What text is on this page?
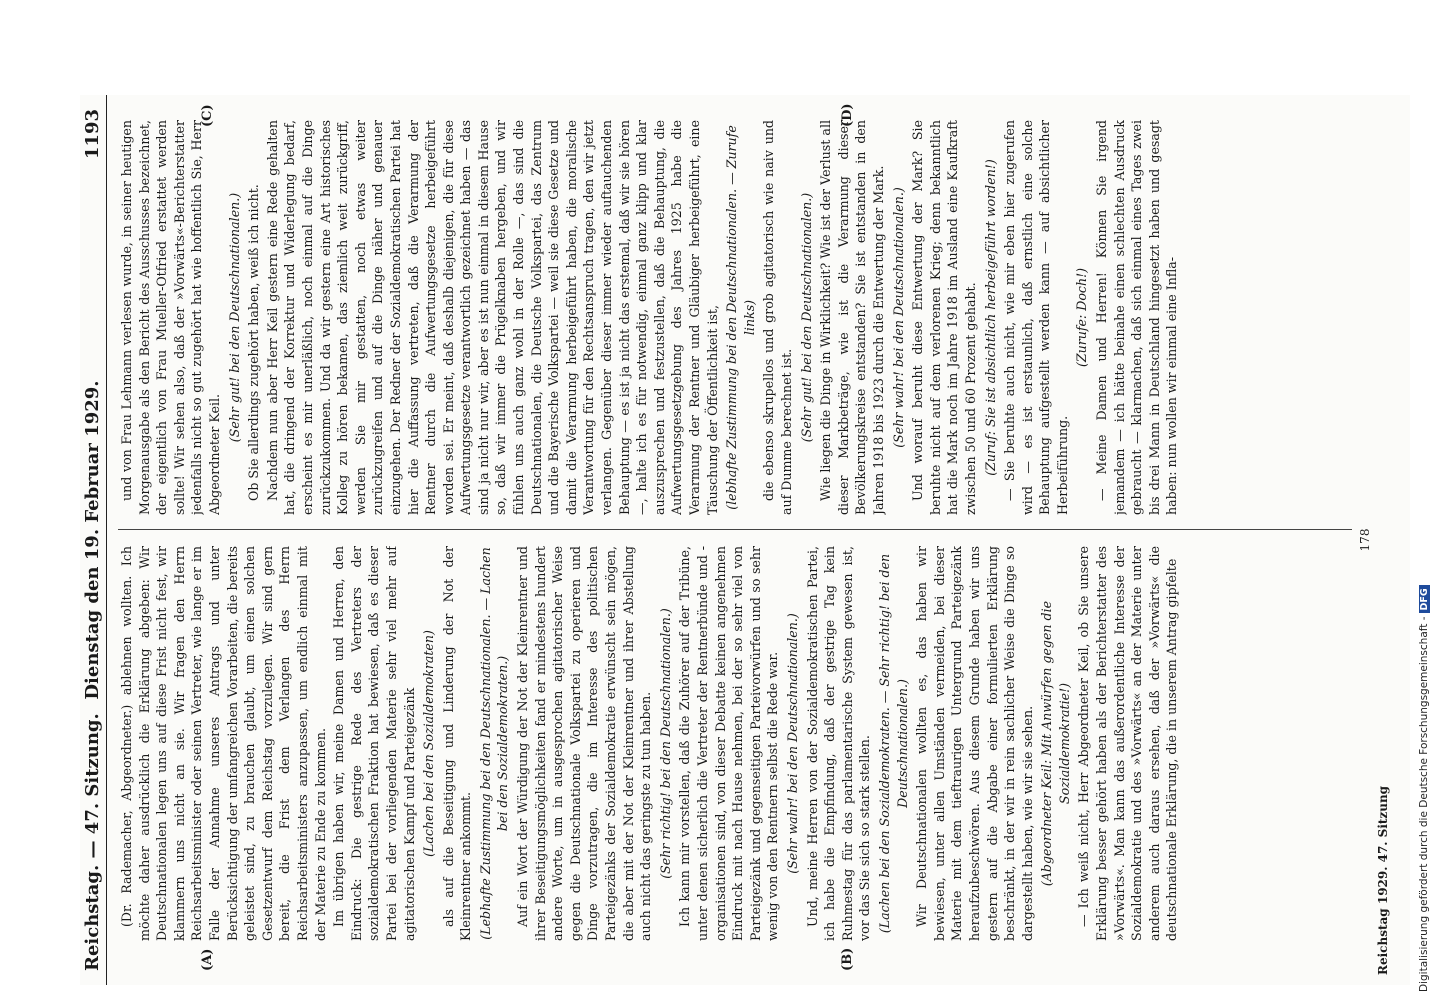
Reichstag. — 47. Sitzung.
Dienstag den 19. Februar 1929.
1193
(A)	(B)
(C)	(D)

(Dr. Rademacher, Abgeordneter.) ablehnen wollten. Ich möchte daher ausdrücklich die Erklärung abgeben: Wir Deutschnationalen legen uns auf diese Frist nicht fest, wir klammern uns nicht an sie. Wir fragen den Herrn Reichsarbeitsminister oder seinen Vertreter, wie lange er im Falle der Annahme unseres Antrags und unter Berücksichtigung der umfangreichen Vorarbeiten, die bereits geleistet sind, zu brauchen glaubt, um einen solchen Gesetzentwurf dem Reichstag vorzulegen. Wir sind gern bereit, die Frist dem Verlangen des Herrn Reichsarbeitsministers anzupassen, um endlich einmal mit der Materie zu Ende zu kommen. Im übrigen haben wir, meine Damen und Herren, den Eindruck: Die gestrige Rede des Vertreters der sozialdemokratischen Fraktion hat bewiesen, daß es dieser Partei bei der vorliegenden Materie sehr viel mehr auf agitatorischen Kampf und Parteigezänk (Lachen bei den Sozialdemokraten) als auf die Beseitigung und Linderung der Not der Kleinrentner ankommt. (Lebhafte Zustimmung bei den Deutschnationalen. — Lachen bei den Sozialdemokraten.) Auf ein Wort der Würdigung der Not der Kleinrentner und ihrer Beseitigungsmöglichkeiten fand er mindestens hundert andere Worte, um in ausgesprochen agitatorischer Weise gegen die Deutschnationale Volkspartei zu operieren und Dinge vorzutragen, die im Interesse des politischen Parteigezänks der Sozialdemokratie erwünscht sein mögen, die aber mit der Not der Kleinrentner und ihrer Abstellung auch nicht das geringste zu tun haben. (Sehr richtig! bei den Deutschnationalen.) Ich kann mir vorstellen, daß die Zuhörer auf der Tribüne, unter denen sicherlich die Vertreter der Rentnerbünde und -organisationen sind, von dieser Debatte keinen angenehmen Eindruck mit nach Hause nehmen, bei der so sehr viel von Parteigezänk und gegenseitigen Parteivorwürfen und so sehr wenig von den Rentnern selbst die Rede war. (Sehr wahr! bei den Deutschnationalen.) Und, meine Herren von der Sozialdemokratischen Partei, ich habe die Empfindung, daß der gestrige Tag kein Ruhmestag für das parlamentarische System gewesen ist, vor das Sie sich so stark stellen. (Lachen bei den Sozialdemokraten. — Sehr richtig! bei den Deutschnationalen.) Wir Deutschnationalen wollten es, das haben wir bewiesen, unter allen Umständen vermeiden, bei dieser Materie mit dem tieftraurigen Untergrund Parteigezänk heraufzubeschwören. Aus diesem Grunde haben wir uns gestern auf die Abgabe einer formulierten Erklärung beschränkt, in der wir in rein sachlicher Weise die Dinge so dargestellt haben, wie wir sie sehen. (Abgeordneter Keil: Mit Anwürfen gegen die Sozialdemokratie!) — Ich weiß nicht, Herr Abgeordneter Keil, ob Sie unsere Erklärung besser gehört haben als der Berichterstatter des »Vorwärts«. Man kann das außerordentliche Interesse der Sozialdemokratie und des »Vorwärts« an der Materie unter anderem auch daraus ersehen, daß der »Vorwärts« die deutschnationale Erklärung, die in unserem Antrag gipfelte

und von Frau Lehmann verlesen wurde, in seiner heutigen Morgenausgabe als den Bericht des Ausschusses bezeichnet, der eigentlich von Frau Mueller-Otfried erstattet werden sollte! Wir sehen also, daß der »Vorwärts«-Berichterstatter jedenfalls nicht so gut zugehört hat wie hoffentlich Sie, Herr Abgeordneter Keil.

(Sehr gut! bei den Deutschnationalen.) Ob Sie allerdings zugehört haben, weiß ich nicht. Nachdem nun aber Herr Keil gestern eine Rede gehalten hat, die dringend der Korrektur und Widerlegung bedarf, erscheint es mir unerläßlich, noch einmal auf die Dinge zurückzukommen. Und da wir gestern eine Art historisches Kolleg zu hören bekamen, das ziemlich weit zurückgriff, werden Sie mir gestatten, noch etwas weiter zurückzugreifen und auf die Dinge näher und genauer einzugehen. Der Redner der Sozialdemokratischen Partei hat hier die Auffassung vertreten, daß die Verarmung der Rentner durch die Aufwertungsgesetze herbeigeführt worden sei. Er meint, daß deshalb diejenigen, die für diese Aufwertungsgesetze verantwortlich gezeichnet haben — das sind ja nicht nur wir, aber es ist nun einmal in diesem Hause so, daß wir immer die Prügelknaben hergeben, und wir fühlen uns auch ganz wohl in der Rolle —, das sind die Deutschnationalen, die Deutsche Volkspartei, das Zentrum und die Bayerische Volkspartei — weil sie diese Gesetze und damit die Verarmung herbeigeführt haben, die moralische Verantwortung für den Rechtsanspruch tragen, den wir jetzt verlangen. Gegenüber dieser immer wieder auftauchenden Behauptung — es ist ja nicht das erstemal, daß wir sie hören —, halte ich es für notwendig, einmal ganz klipp und klar auszusprechen und festzustellen, daß die Behauptung, die Aufwertungsgesetzgebung des Jahres 1925 habe die Verarmung der Rentner und Gläubiger herbeigeführt, eine Täuschung der Öffentlichkeit ist, (lebhafte Zustimmung bei den Deutschnationalen. — Zurufe links) die ebenso skrupellos und grob agitatorisch wie naiv und auf Dumme berechnet ist. (Sehr gut! bei den Deutschnationalen.) Wie liegen die Dinge in Wirklichkeit? Wie ist der Verlust all dieser Markbeträge, wie ist die Verarmung dieser Bevölkerungskreise entstanden? Sie ist entstanden in den Jahren 1918 bis 1923 durch die Entwertung der Mark. (Sehr wahr! bei den Deutschnationalen.) Und worauf beruht diese Entwertung der Mark? Sie beruhte nicht auf dem verlorenen Krieg; denn bekanntlich hat die Mark noch im Jahre 1918 im Ausland eine Kaufkraft zwischen 50 und 60 Prozent gehabt. (Zuruf: Sie ist absichtlich herbeigeführt worden!) — Sie beruhte auch nicht, wie mir eben hier zugerufen wird — es ist erstaunlich, daß ernstlich eine solche Behauptung aufgestellt werden kann — auf absichtlicher Herbeiführung.

(Zurufe: Doch!) — Meine Damen und Herren! Können Sie irgend jemandem — ich hätte beinahe einen schlechten Ausdruck gebraucht — klarmachen, daß sich einmal eines Tages zwei bis drei Mann in Deutschland hingesetzt haben und gesagt haben: nun wollen wir einmal eine Infla-

178
Reichstag 1929. 47. Sitzung	Digitalisierung gefördert durch die Deutsche Forschungsgemeinschaft -DFG
